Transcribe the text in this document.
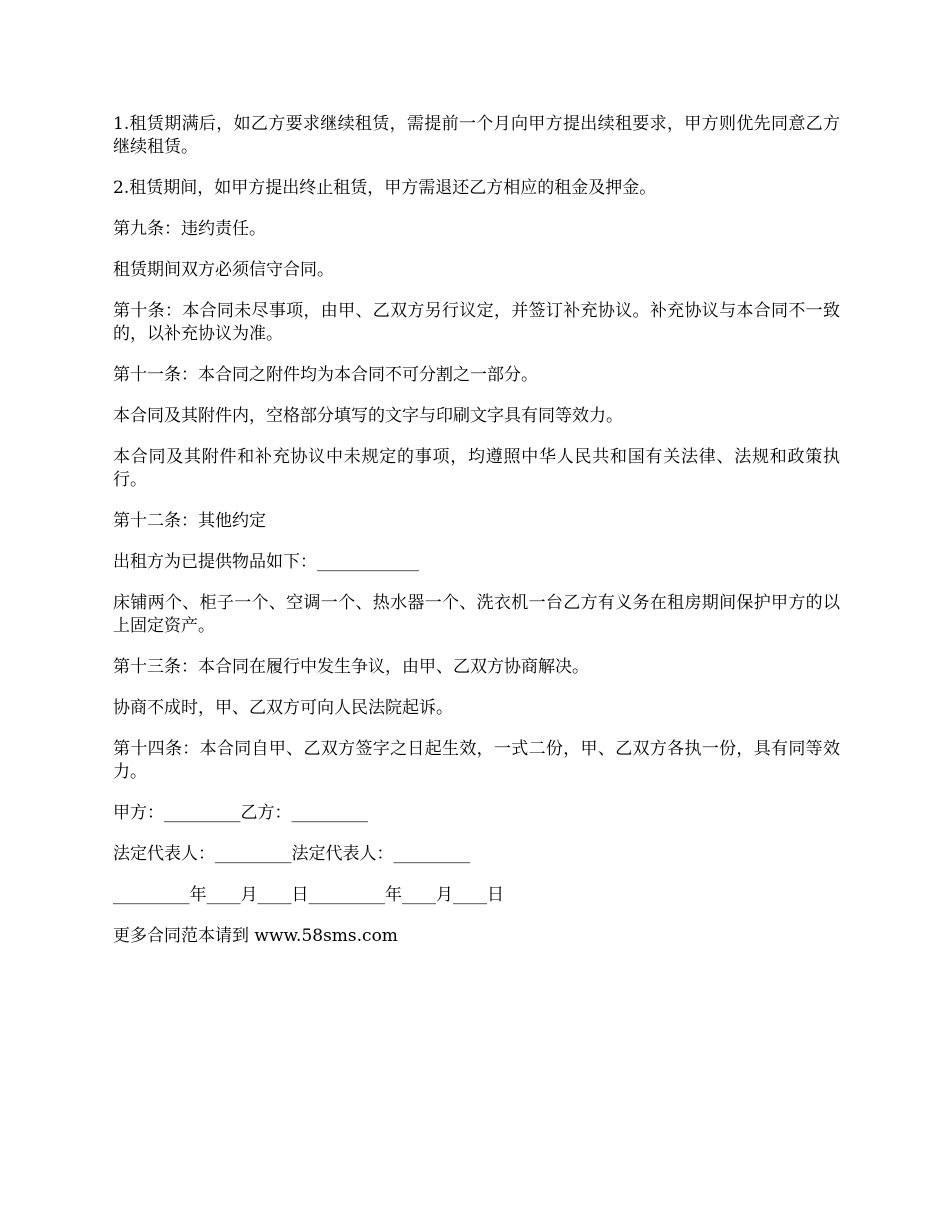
1.租赁期满后，如乙方要求继续租赁，需提前一个月向甲方提出续租要求，甲方则优先同意乙方继续租赁。

2.租赁期间，如甲方提出终止租赁，甲方需退还乙方相应的租金及押金。

第九条：违约责任。

租赁期间双方必须信守合同。

第十条：本合同未尽事项，由甲、乙双方另行议定，并签订补充协议。补充协议与本合同不一致的，以补充协议为准。

第十一条：本合同之附件均为本合同不可分割之一部分。

本合同及其附件内，空格部分填写的文字与印刷文字具有同等效力。

本合同及其附件和补充协议中未规定的事项，均遵照中华人民共和国有关法律、法规和政策执行。

第十二条：其他约定

出租方为已提供物品如下：____________

床铺两个、柜子一个、空调一个、热水器一个、洗衣机一台乙方有义务在租房期间保护甲方的以上固定资产。

第十三条：本合同在履行中发生争议，由甲、乙双方协商解决。

协商不成时，甲、乙双方可向人民法院起诉。

第十四条：本合同自甲、乙双方签字之日起生效，一式二份，甲、乙双方各执一份，具有同等效力。

甲方：_________乙方：_________

法定代表人：_________法定代表人：_________

_________年____月____日_________年____月____日

更多合同范本请到 www.58sms.com
